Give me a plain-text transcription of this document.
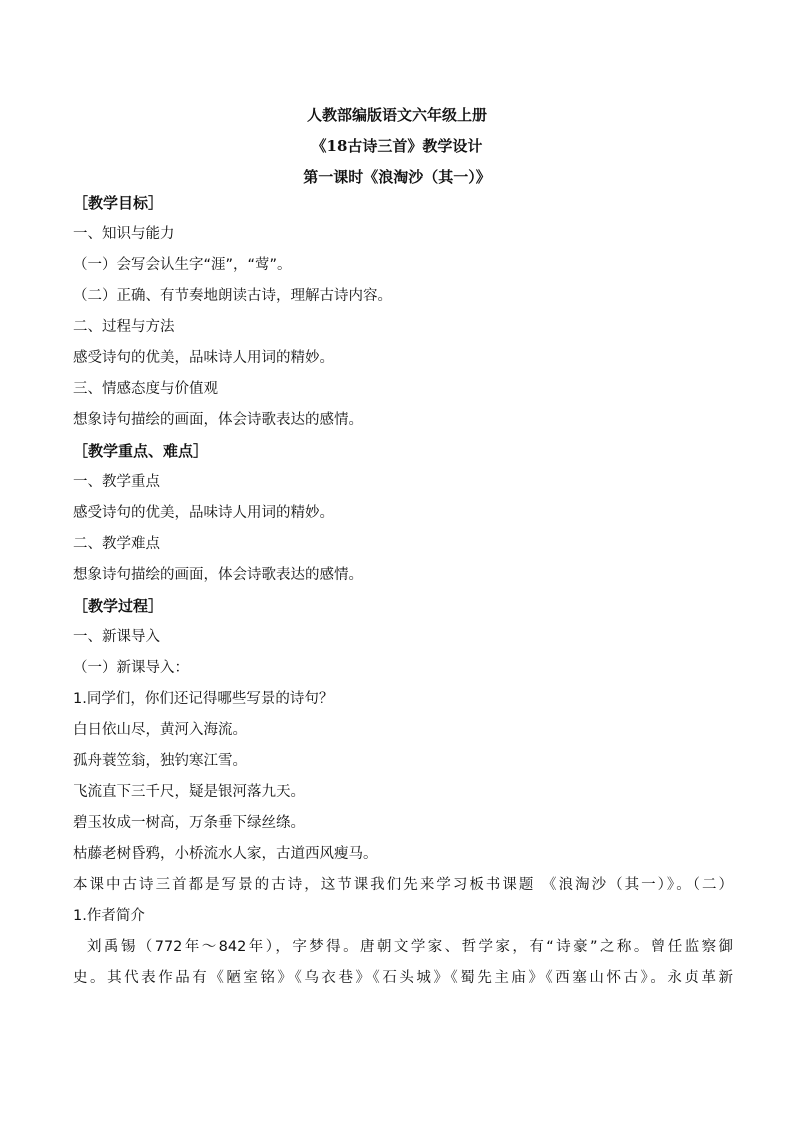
人教部编版语文六年级上册
《18古诗三首》教学设计
第一课时《浪淘沙（其一）》
［教学目标］
一、知识与能力
（一）会写会认生字“涯”，“莺”。
（二）正确、有节奏地朗读古诗，理解古诗内容。
二、过程与方法
感受诗句的优美，品味诗人用词的精妙。
三、情感态度与价值观
想象诗句描绘的画面，体会诗歌表达的感情。
［教学重点、难点］
一、教学重点
感受诗句的优美，品味诗人用词的精妙。
二、教学难点
想象诗句描绘的画面，体会诗歌表达的感情。
［教学过程］
一、新课导入
（一）新课导入：
1.同学们，你们还记得哪些写景的诗句？
白日依山尽，黄河入海流。
孤舟蓑笠翁，独钓寒江雪。
飞流直下三千尺，疑是银河落九天。
碧玉妆成一树高，万条垂下绿丝绦。
枯藤老树昏鸦，小桥流水人家，古道西风瘦马。
本课中古诗三首都是写景的古诗，这节课我们先来学习板书课题 《浪淘沙（其一）》。（二）
1.作者简介
刘禹锡（772年～842年），字梦得。唐朝文学家、哲学家，有“诗豪”之称。曾任监察御
史。其代表作品有《陋室铭》《乌衣巷》《石头城》《蜀先主庙》《西塞山怀古》。永贞革新
